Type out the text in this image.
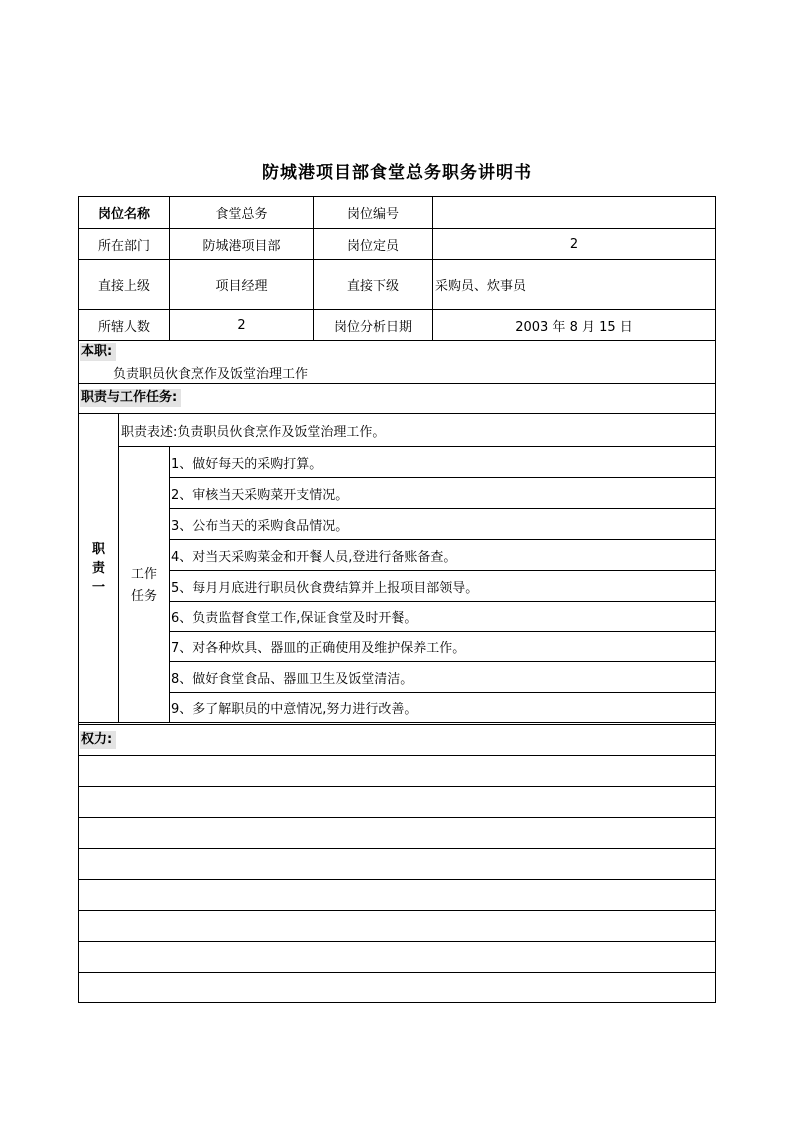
防城港项目部食堂总务职务讲明书
岗位名称	食堂总务	岗位编号
所在部门	防城港项目部	岗位定员	2
直接上级	项目经理	直接下级	采购员、炊事员
所辖人数	2	岗位分析日期	2003 年 8 月 15 日
本职:
负责职员伙食烹作及饭堂治理工作
职责与工作任务:
职
责
一
职责表述:负责职员伙食烹作及饭堂治理工作。
工作
任务
1、做好每天的采购打算。
2、审核当天采购菜开支情况。
3、公布当天的采购食品情况。
4、对当天采购菜金和开餐人员,登进行备账备查。
5、每月月底进行职员伙食费结算并上报项目部领导。
6、负责监督食堂工作,保证食堂及时开餐。
7、对各种炊具、器皿的正确使用及维护保养工作。
8、做好食堂食品、器皿卫生及饭堂清洁。
9、多了解职员的中意情况,努力进行改善。
权力:
